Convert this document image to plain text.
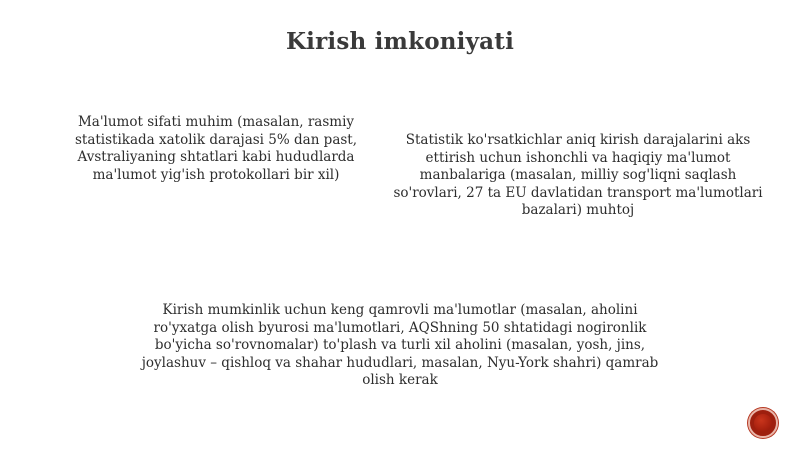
Kirish imkoniyati
Ma'lumot sifati muhim (masalan, rasmiy statistikada xatolik darajasi 5% dan past, Avstraliyaning shtatlari kabi hududlarda ma'lumot yig'ish protokollari bir xil)
Statistik ko'rsatkichlar aniq kirish darajalarini aks ettirish uchun ishonchli va haqiqiy ma'lumot manbalariga (masalan, milliy sog'liqni saqlash so'rovlari, 27 ta EU davlatidan transport ma'lumotlari bazalari) muhtoj
Kirish mumkinlik uchun keng qamrovli ma'lumotlar (masalan, aholini ro'yxatga olish byurosi ma'lumotlari, AQShning 50 shtatidagi nogironlik bo'yicha so'rovnomalar) to'plash va turli xil aholini (masalan, yosh, jins, joylashuv – qishloq va shahar hududlari, masalan, Nyu-York shahri) qamrab olish kerak
